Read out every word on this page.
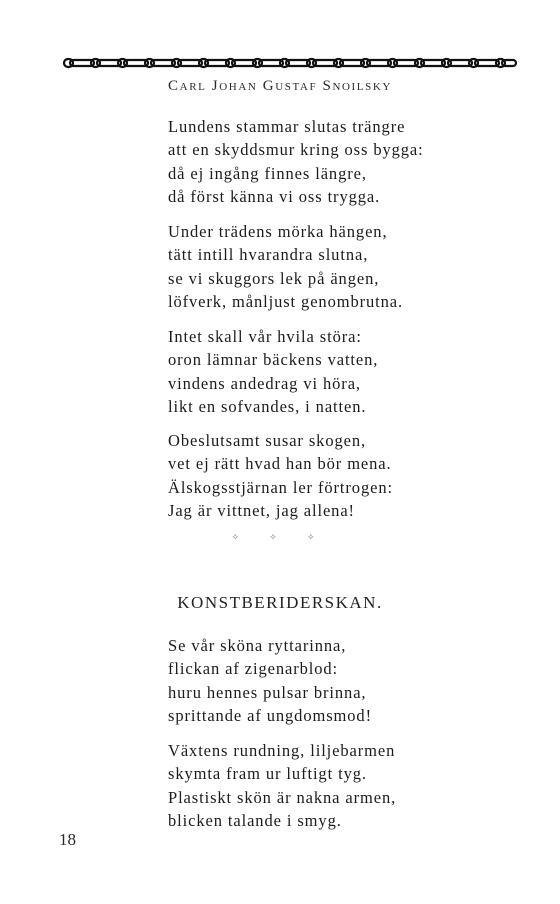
Carl Johan Gustaf Snoilsky
Lundens stammar slutas trängre
att en skyddsmur kring oss bygga:
då ej ingång finnes längre,
då först känna vi oss trygga.
Under trädens mörka hängen,
tätt intill hvarandra slutna,
se vi skuggors lek på ängen,
löfverk, månljust genombrutna.
Intet skall vår hvila störa:
oron lämnar bäckens vatten,
vindens andedrag vi höra,
likt en sofvandes, i natten.
Obeslutsamt susar skogen,
vet ej rätt hvad han bör mena.
Älskogsstjärnan ler förtrogen:
Jag är vittnet, jag allena!
✧ ✧ ✧
KONSTBERIDERSKAN.
Se vår sköna ryttarinna,
flickan af zigenarblod:
huru hennes pulsar brinna,
sprittande af ungdomsmod!
Växtens rundning, liljebarmen
skymta fram ur luftigt tyg.
Plastiskt skön är nakna armen,
blicken talande i smyg.
18
